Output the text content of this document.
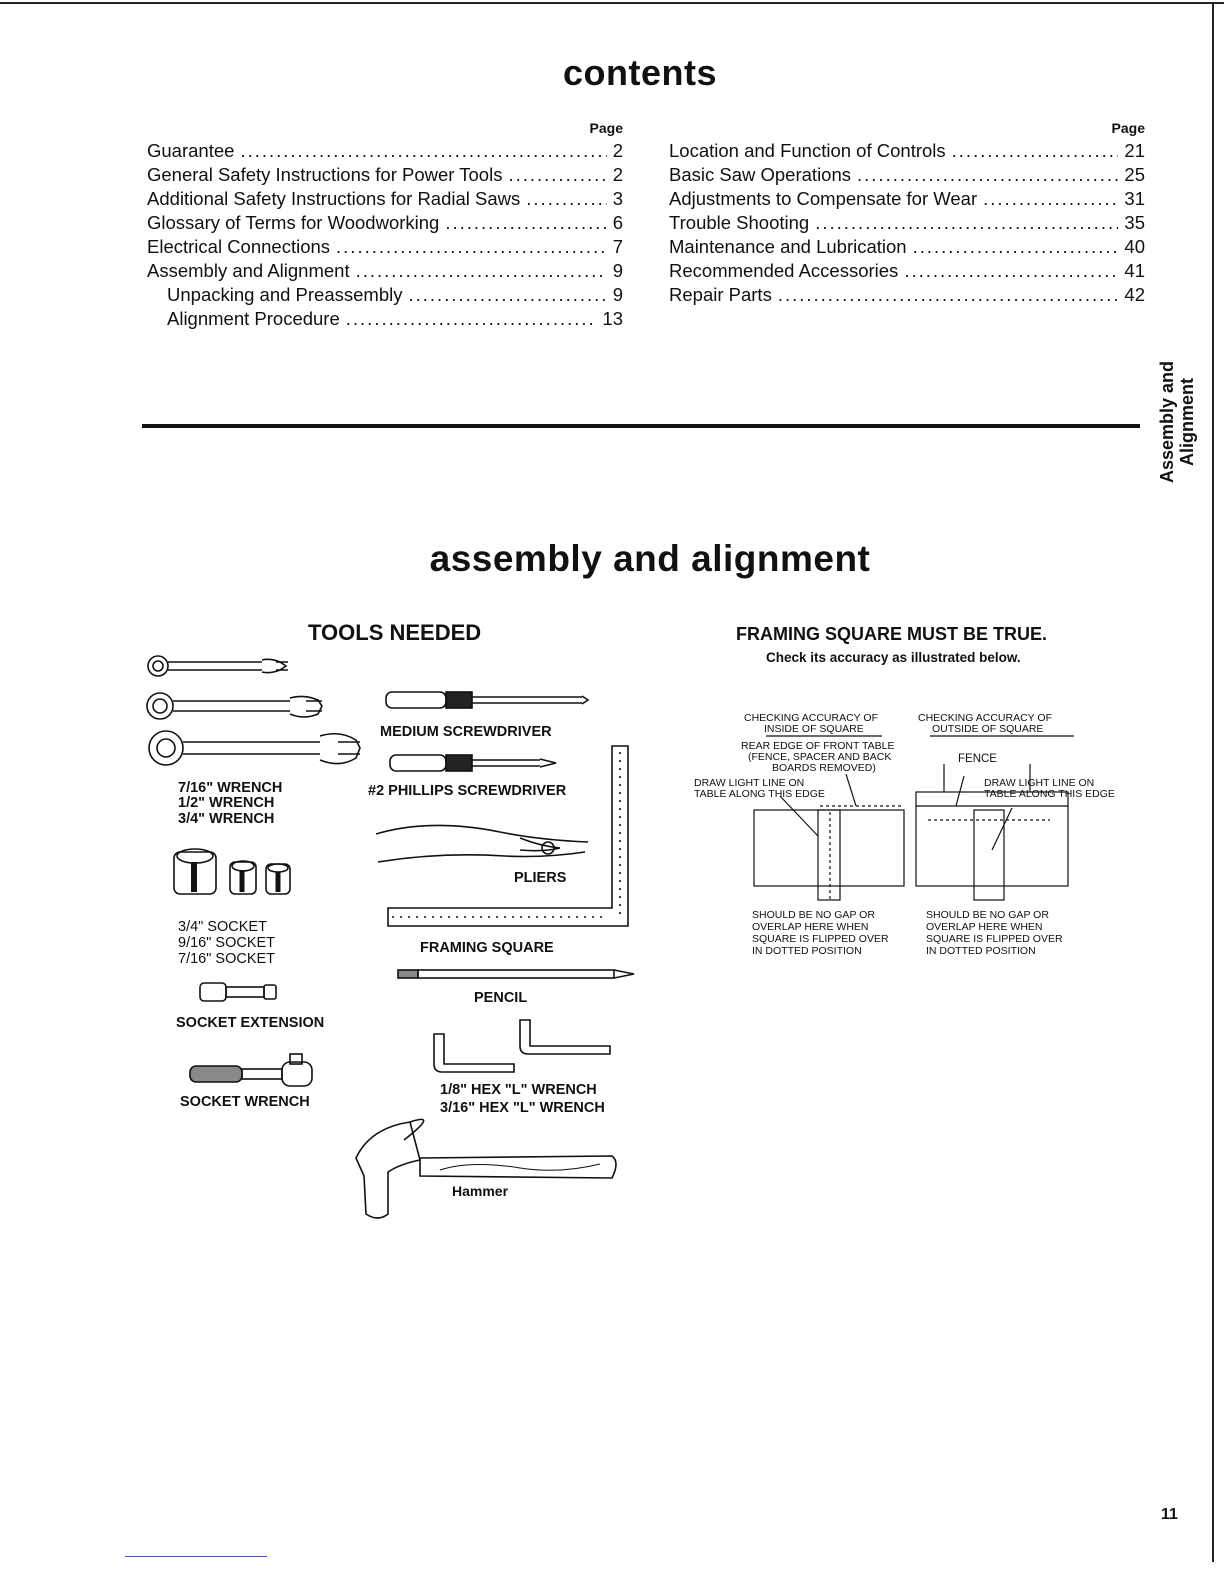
contents
Page
Guarantee .....	2
General Safety Instructions for Power Tools .....	2
Additional Safety Instructions for Radial Saws .....	3
Glossary of Terms for Woodworking .....	6
Electrical Connections .....	7
Assembly and Alignment .....	9
Unpacking and Preassembly .....	9
Alignment Procedure .....	13
Page
Location and Function of Controls .....	21
Basic Saw Operations .....	25
Adjustments to Compensate for Wear .....	31
Trouble Shooting .....	35
Maintenance and Lubrication .....	40
Recommended Accessories .....	41
Repair Parts .....	42
Assembly and Alignment
assembly and alignment
TOOLS NEEDED	FRAMING SQUARE MUST BE TRUE.
Check its accuracy as illustrated below.
7/16" WRENCH
1/2" WRENCH
3/4" WRENCH
3/4" SOCKET
9/16" SOCKET
7/16" SOCKET
SOCKET EXTENSION
SOCKET WRENCH
MEDIUM SCREWDRIVER
#2 PHILLIPS SCREWDRIVER
PLIERS
FRAMING SQUARE
PENCIL
1/8" HEX "L" WRENCH
3/16" HEX "L" WRENCH
Hammer
CHECKING ACCURACY OF
INSIDE OF SQUARE
CHECKING ACCURACY OF
OUTSIDE OF SQUARE
REAR EDGE OF FRONT TABLE
(FENCE, SPACER AND BACK
BOARDS REMOVED)
FENCE
DRAW LIGHT LINE ON
TABLE ALONG THIS EDGE
DRAW LIGHT LINE ON
TABLE ALONG THIS EDGE
SHOULD BE NO GAP OR
OVERLAP HERE WHEN
SQUARE IS FLIPPED OVER
IN DOTTED POSITION
SHOULD BE NO GAP OR
OVERLAP HERE WHEN
SQUARE IS FLIPPED OVER
IN DOTTED POSITION
11
